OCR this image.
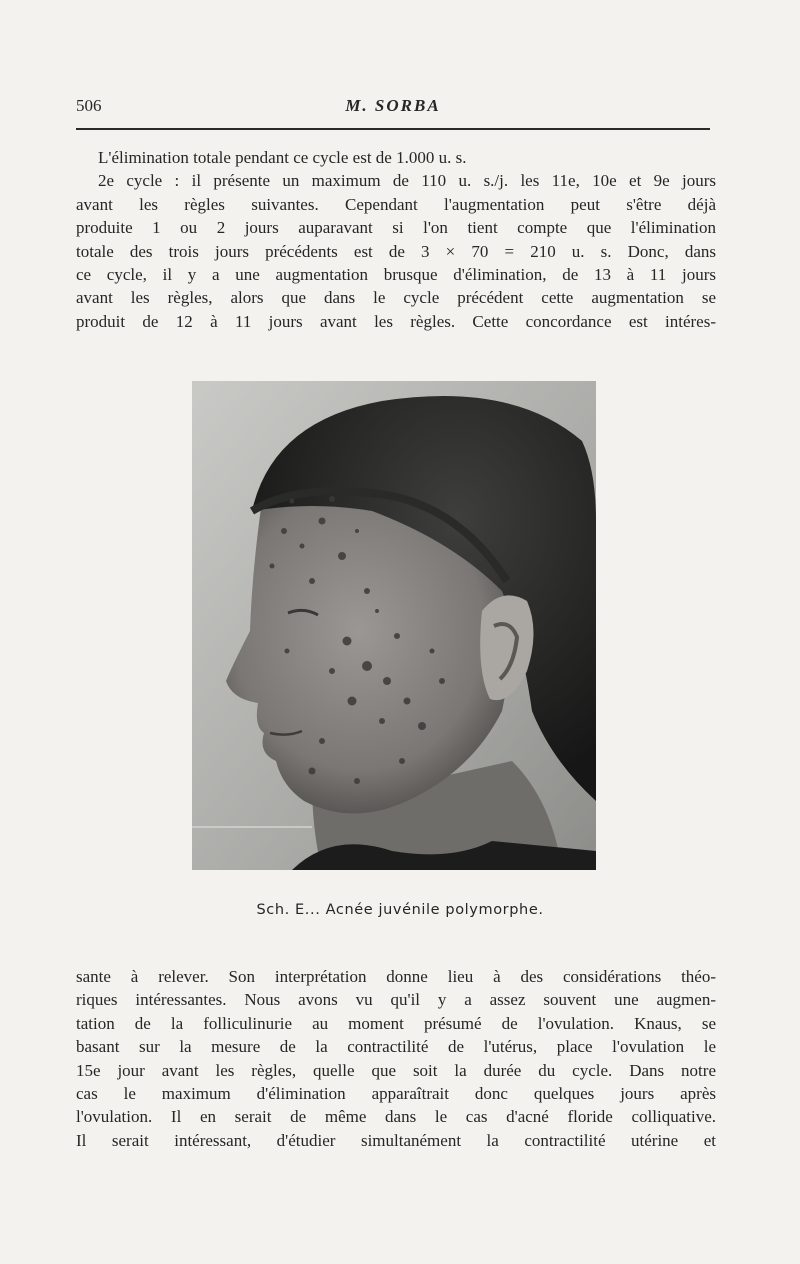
506	M. SORBA
L'élimination totale pendant ce cycle est de 1.000 u. s.
2e cycle : il présente un maximum de 110 u. s./j. les 11e, 10e et 9e jours
avant les règles suivantes. Cependant l'augmentation peut s'être déjà
produite 1 ou 2 jours auparavant si l'on tient compte que l'élimination
totale des trois jours précédents est de 3 × 70 = 210 u. s. Donc, dans
ce cycle, il y a une augmentation brusque d'élimination, de 13 à 11 jours
avant les règles, alors que dans le cycle précédent cette augmentation se
produit de 12 à 11 jours avant les règles. Cette concordance est intéres-
Sch. E... Acnée juvénile polymorphe.
sante à relever. Son interprétation donne lieu à des considérations théo-
riques intéressantes. Nous avons vu qu'il y a assez souvent une augmen-
tation de la folliculinurie au moment présumé de l'ovulation. Knaus, se
basant sur la mesure de la contractilité de l'utérus, place l'ovulation le
15e jour avant les règles, quelle que soit la durée du cycle. Dans notre
cas le maximum d'élimination apparaîtrait donc quelques jours après
l'ovulation. Il en serait de même dans le cas d'acné floride colliquative.
Il serait intéressant, d'étudier simultanément la contractilité utérine et
